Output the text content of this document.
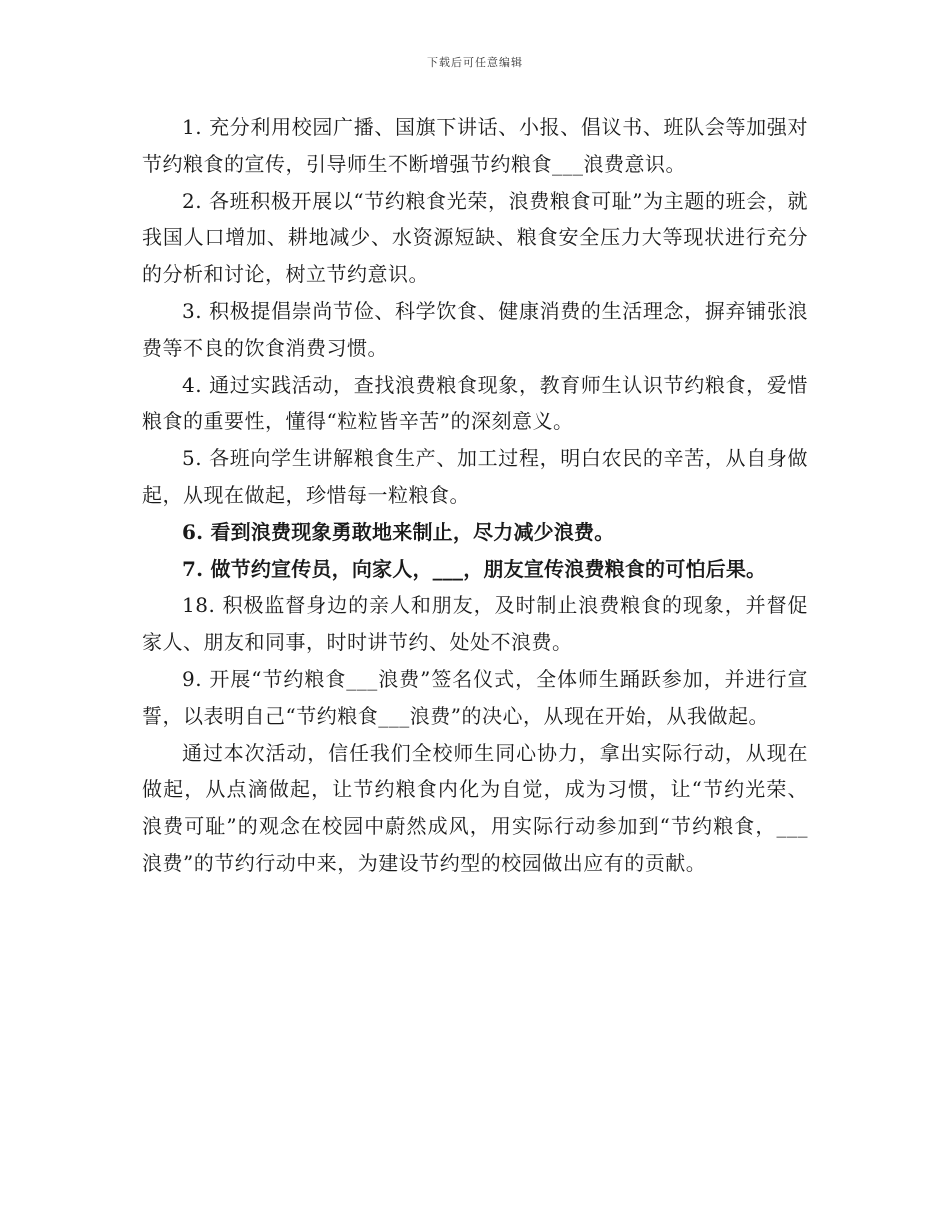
下载后可任意编辑

1. 充分利用校园广播、国旗下讲话、小报、倡议书、班队会等加强对节约粮食的宣传，引导师生不断增强节约粮食___浪费意识。

2. 各班积极开展以“节约粮食光荣，浪费粮食可耻”为主题的班会，就我国人口增加、耕地减少、水资源短缺、粮食安全压力大等现状进行充分的分析和讨论，树立节约意识。

3. 积极提倡崇尚节俭、科学饮食、健康消费的生活理念，摒弃铺张浪费等不良的饮食消费习惯。

4. 通过实践活动，查找浪费粮食现象，教育师生认识节约粮食，爱惜粮食的重要性，懂得“粒粒皆辛苦”的深刻意义。

5. 各班向学生讲解粮食生产、加工过程，明白农民的辛苦，从自身做起，从现在做起，珍惜每一粒粮食。

6. 看到浪费现象勇敢地来制止，尽力减少浪费。

7. 做节约宣传员，向家人，___，朋友宣传浪费粮食的可怕后果。

18. 积极监督身边的亲人和朋友，及时制止浪费粮食的现象，并督促家人、朋友和同事，时时讲节约、处处不浪费。

9. 开展“节约粮食___浪费”签名仪式，全体师生踊跃参加，并进行宣誓，以表明自己“节约粮食___浪费”的决心，从现在开始，从我做起。

通过本次活动，信任我们全校师生同心协力，拿出实际行动，从现在做起，从点滴做起，让节约粮食内化为自觉，成为习惯，让“节约光荣、浪费可耻”的观念在校园中蔚然成风，用实际行动参加到“节约粮食，___浪费”的节约行动中来，为建设节约型的校园做出应有的贡献。
